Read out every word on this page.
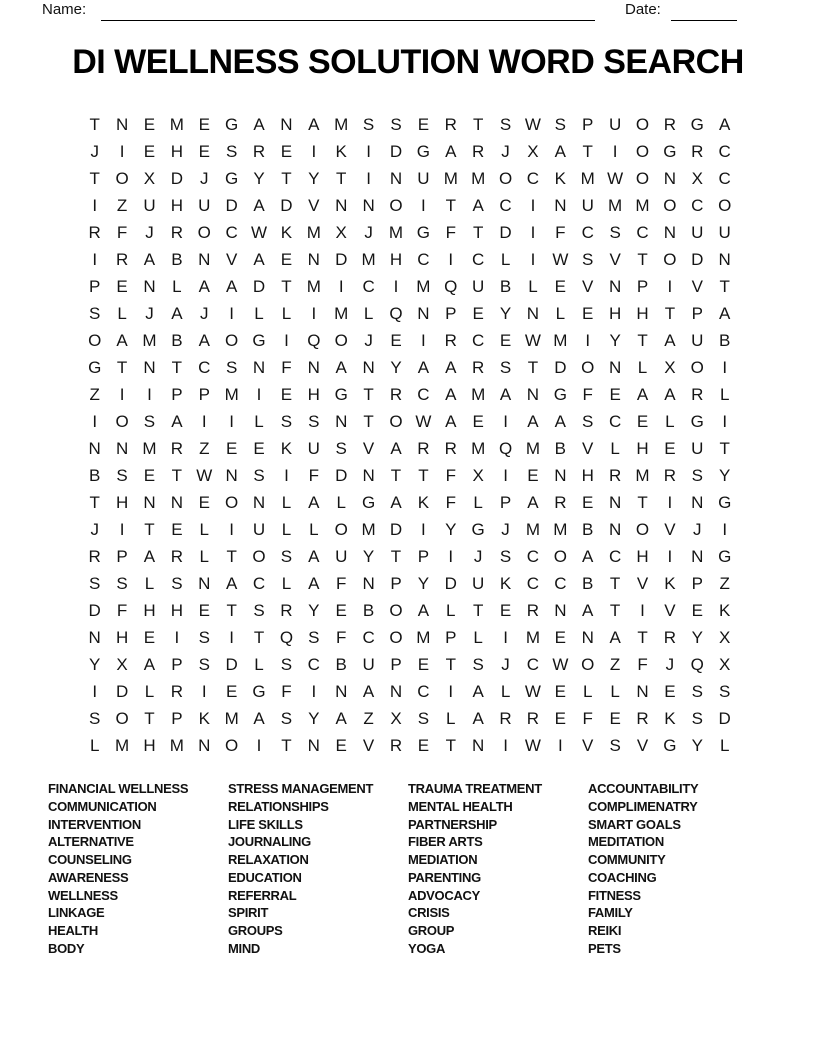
Name:	Date:
DI WELLNESS SOLUTION WORD SEARCH
T N E M E G A N A M S S E R T S W S P U O R G A
J	I	E H E S R E	I	K	I	D G A R	J	X A T	I	O G R C
T O X D	J G Y T Y T	I	N U M M O C K M W O N X C
I	Z U H U D A D V N N O	I	T A C	I	N U M M O C O
R F	J	R O C W K M X	J M G F	T D	I	F C S C N U U
I	R A B N V A E N D M H C	I	C L	I	W S V T O D N
P E N L A A D T M	I	C	I	M Q U B L E V N P	I	V T
S L	J	A	J	I	L	L	I	M L Q N P E Y N L E H H T P A
O A M B A O G	I	Q O J	E	I	R C E W M	I	Y T A U B
G T N T C S N F N A N Y A A R S T D O N L X O	I
Z	I	I	P P M	I	E H G T R C A M A N G F E A A R L
I	O S A	I	I	L S S N T O W A E	I	A A S C E L G	I
N N M R Z E E K U S V A R R M Q M B V L H E U T
B S E T W N S	I	F D N T	T	F X	I	E N H R M R S Y
T H N N E O N L A L G A K F	L P A R E N T	I	N G
J	I	T E L	I	U L	L O M D	I	Y G J M M B N O V	J	I
R P A R L	T O S A U Y T P	I	J	S C O A C H	I	N G
S S L S N A C L A F N P Y D U K C C B T V K P Z
D F H H E T S R Y E B O A L	T E R N A T	I	V E K
N H E	I	S	I	T Q S F C O M P L	I	M E N A T R Y X
Y X A P S D L S C B U P E T S	J	C W O Z	F	J Q X
I	D L R	I	E G F	I	N A N C	I	A L W E L	L N E S S
S O T P K M A S Y A Z X S L A R R E F E R K S D
L M H M N O	I	T N E V R E T N	I	W	I	V S V G Y L
FINANCIAL WELLNESS
COMMUNICATION
INTERVENTION
ALTERNATIVE
COUNSELING
AWARENESS
WELLNESS
LINKAGE
HEALTH
BODY
STRESS MANAGEMENT
RELATIONSHIPS
LIFE SKILLS
JOURNALING
RELAXATION
EDUCATION
REFERRAL
SPIRIT
GROUPS
MIND
TRAUMA TREATMENT
MENTAL HEALTH
PARTNERSHIP
FIBER ARTS
MEDIATION
PARENTING
ADVOCACY
CRISIS
GROUP
YOGA
ACCOUNTABILITY
COMPLIMENATRY
SMART GOALS
MEDITATION
COMMUNITY
COACHING
FITNESS
FAMILY
REIKI
PETS
